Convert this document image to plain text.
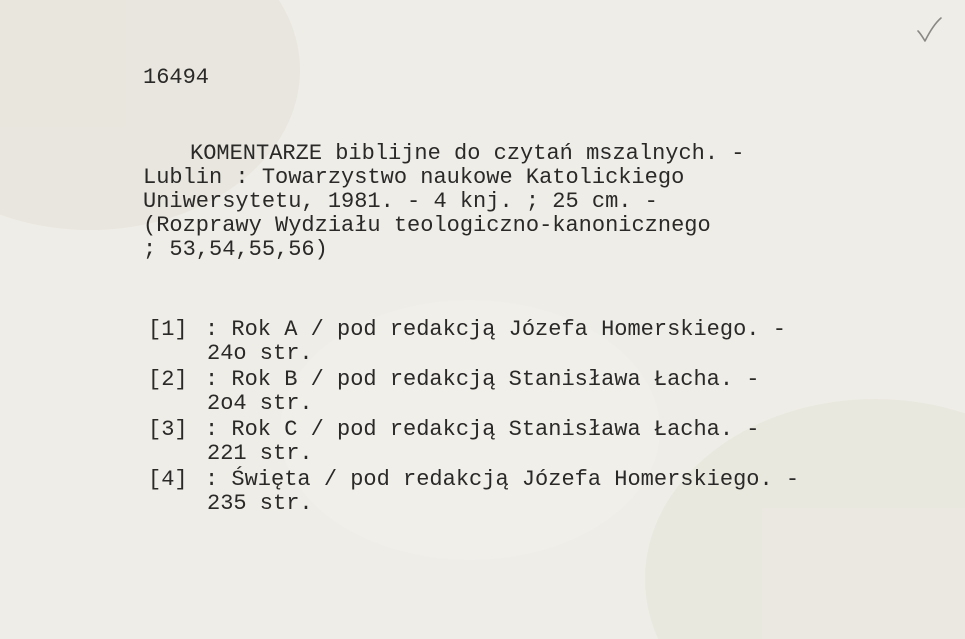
16494
KOMENTARZE biblijne do czytań mszalnych. -
Lublin : Towarzystwo naukowe Katolickiego
Uniwersytetu, 1981. - 4 knj. ; 25 cm. -
(Rozprawy Wydziału teologiczno-kanonicznego
; 53,54,55,56)
[1] : Rok A / pod redakcją Józefa Homerskiego. -
24o str.
[2] : Rok B / pod redakcją Stanisława Łacha. -
2o4 str.
[3] : Rok C / pod redakcją Stanisława Łacha. -
221 str.
[4] : Święta / pod redakcją Józefa Homerskiego. -
235 str.
